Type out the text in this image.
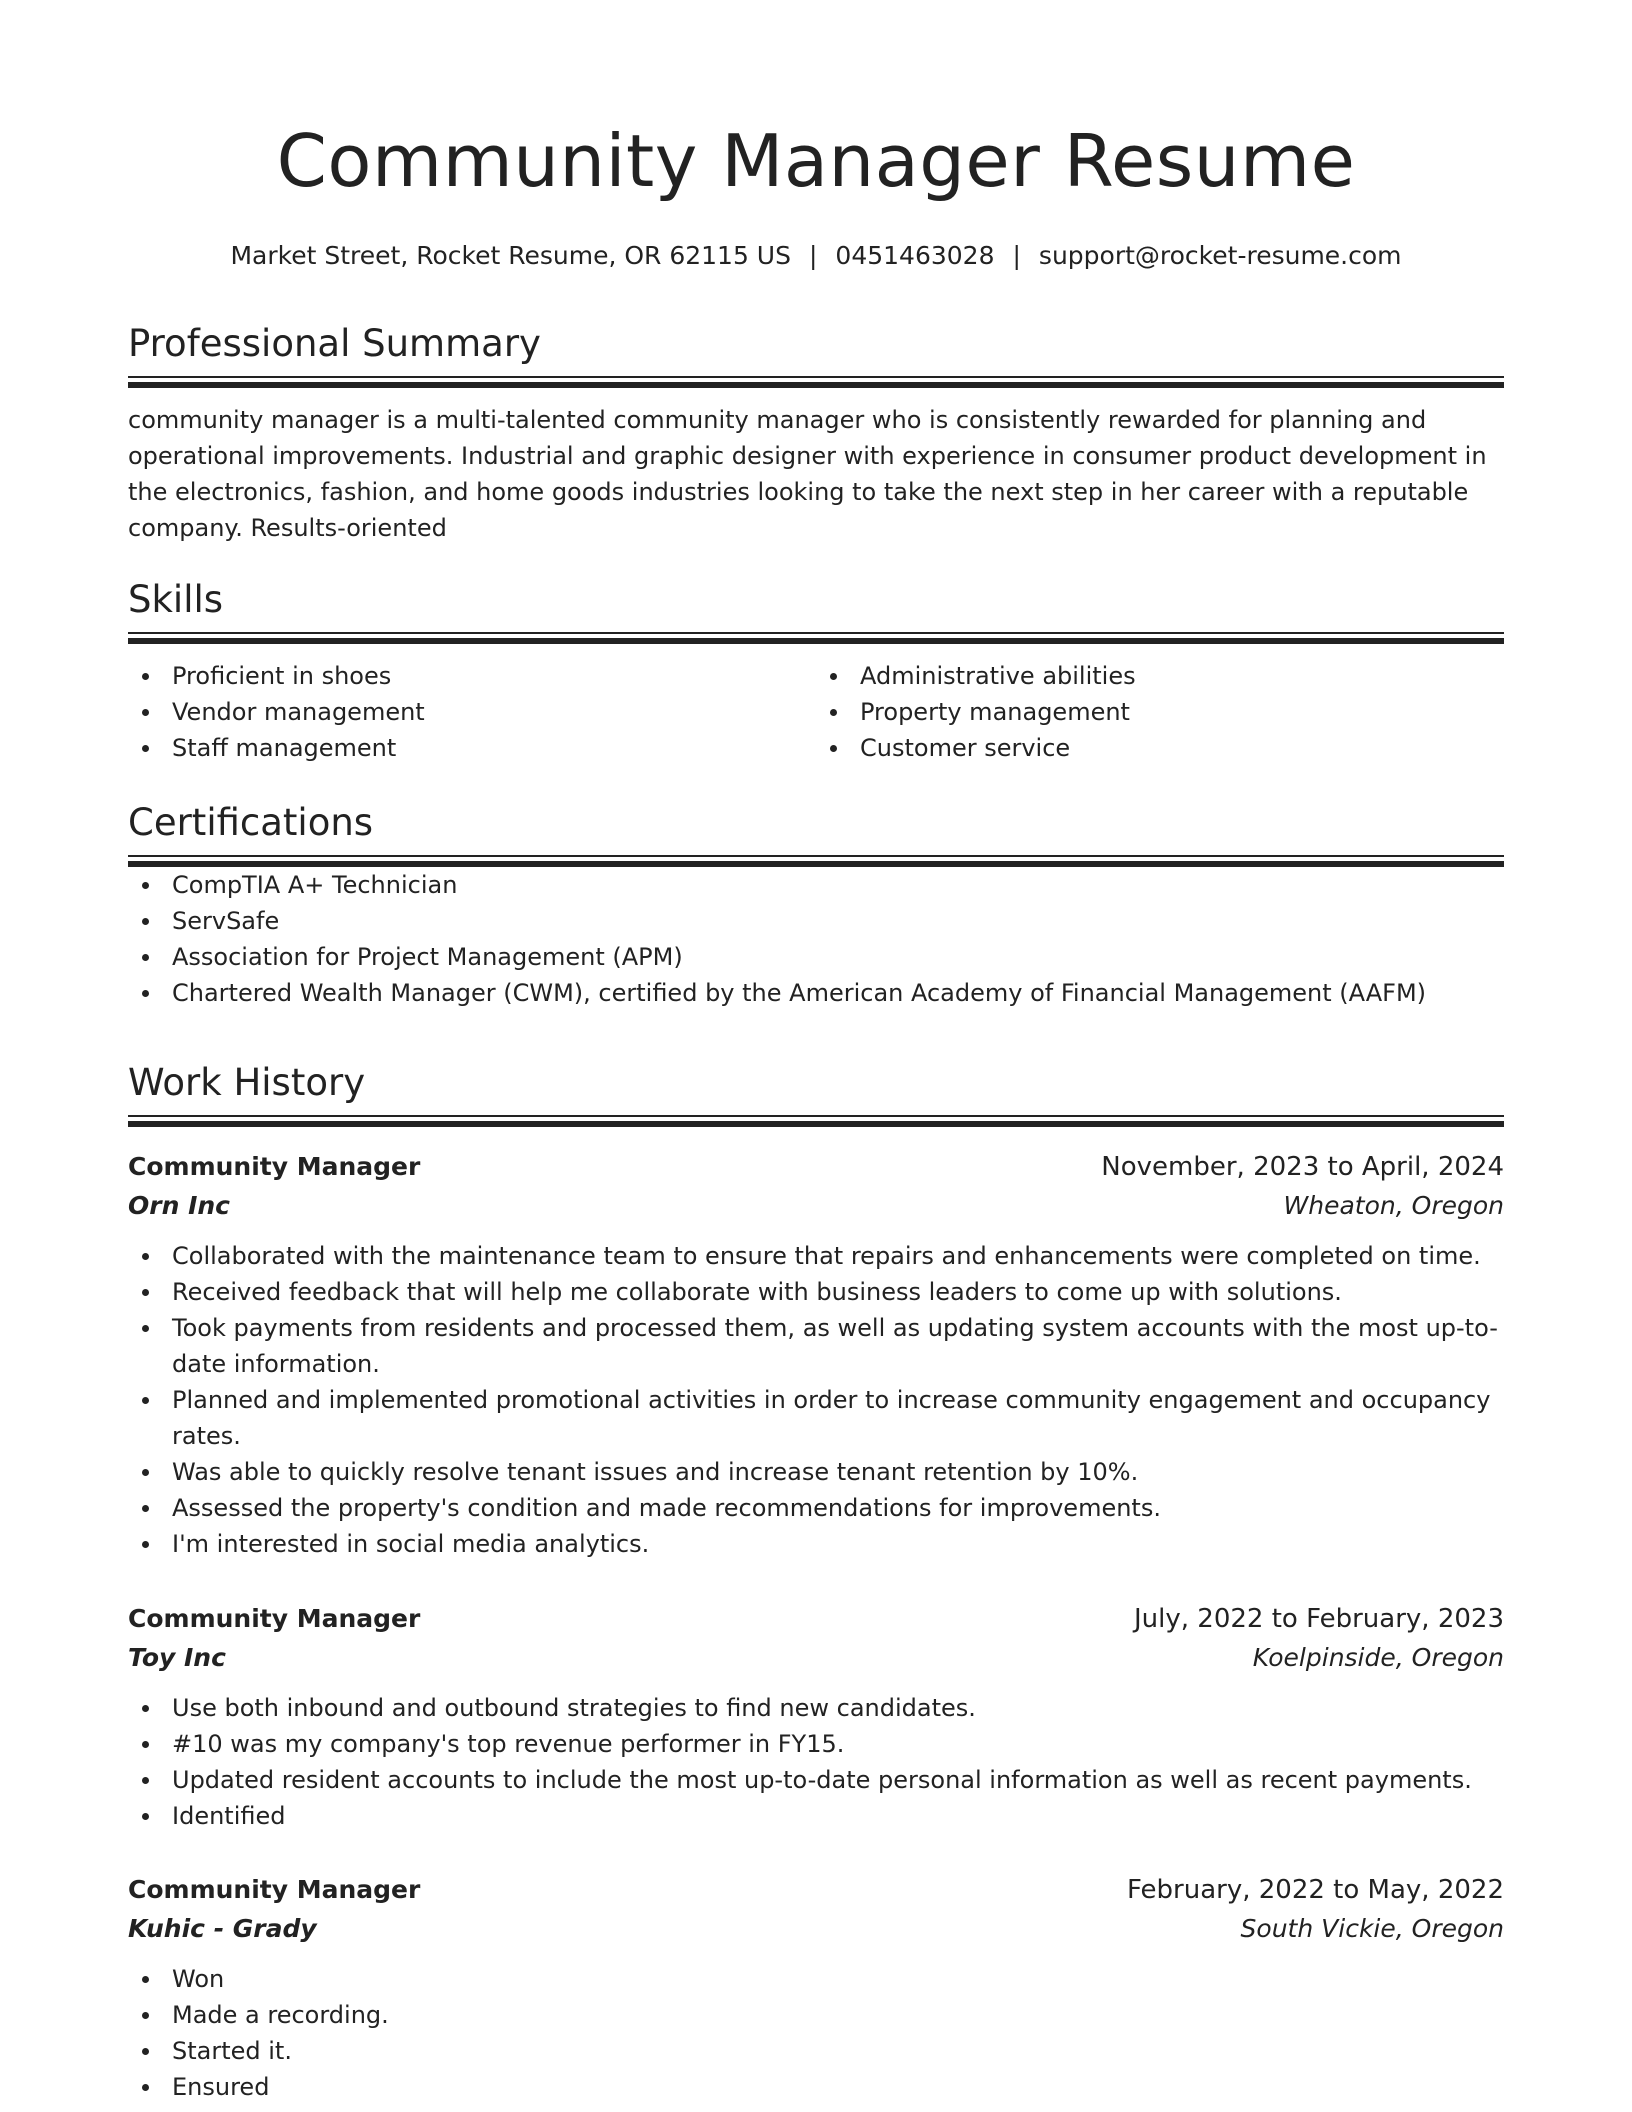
Community Manager Resume
Market Street, Rocket Resume, OR 62115 US | 0451463028 | support@rocket-resume.com
Professional Summary

community manager is a multi-talented community manager who is consistently rewarded for planning and operational improvements. Industrial and graphic designer with experience in consumer product development in the electronics, fashion, and home goods industries looking to take the next step in her career with a reputable company. Results-oriented

Skills
Proficient in shoes
Vendor management
Staff management
Administrative abilities
Property management
Customer service
Certifications
CompTIA A+ Technician
ServSafe
Association for Project Management (APM)
Chartered Wealth Manager (CWM), certified by the American Academy of Financial Management (AAFM)
Work History
Community Manager	November, 2023 to April, 2024
Orn Inc	Wheaton, Oregon
Collaborated with the maintenance team to ensure that repairs and enhancements were completed on time.
Received feedback that will help me collaborate with business leaders to come up with solutions.
Took payments from residents and processed them, as well as updating system accounts with the most up-to-date information.
Planned and implemented promotional activities in order to increase community engagement and occupancy rates.
Was able to quickly resolve tenant issues and increase tenant retention by 10%.
Assessed the property's condition and made recommendations for improvements.
I'm interested in social media analytics.
Community Manager	July, 2022 to February, 2023
Toy Inc	Koelpinside, Oregon
Use both inbound and outbound strategies to find new candidates.
#10 was my company's top revenue performer in FY15.
Updated resident accounts to include the most up-to-date personal information as well as recent payments.
Identified
Community Manager	February, 2022 to May, 2022
Kuhic - Grady	South Vickie, Oregon
Won
Made a recording.
Started it.
Ensured
